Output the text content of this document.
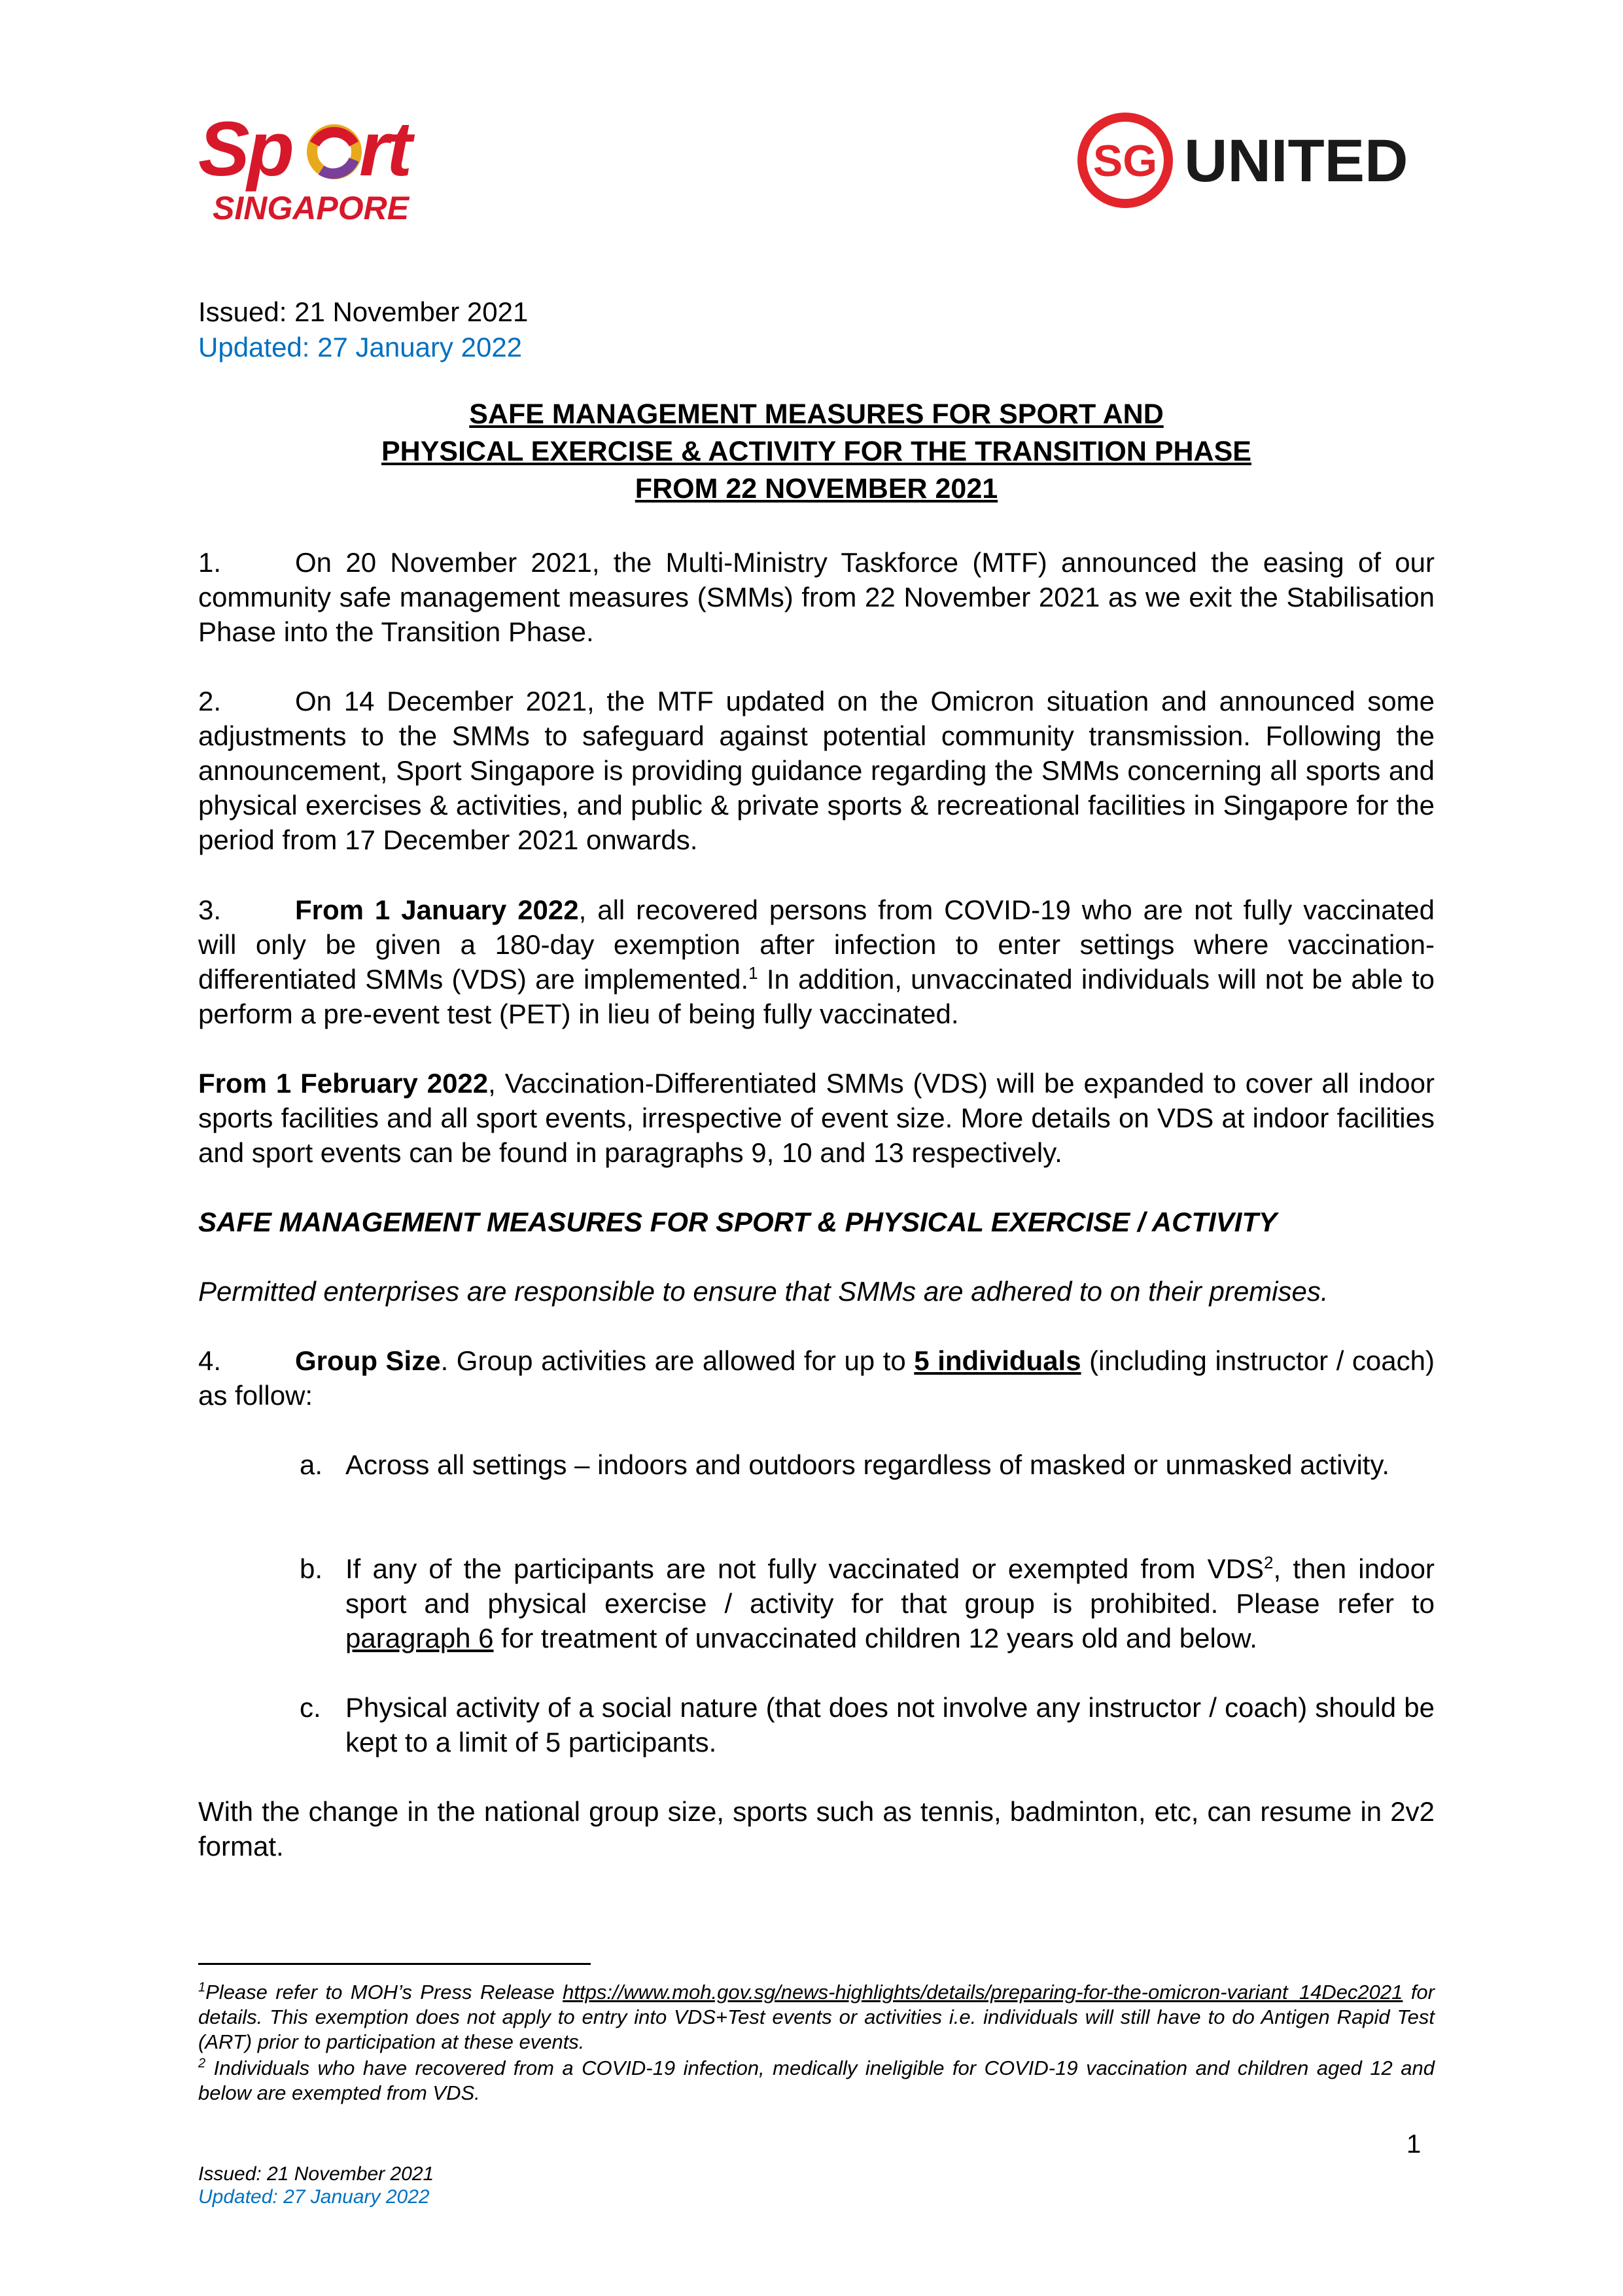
Sp rt
SINGAPORE
SG UNITED
Issued: 21 November 2021
Updated: 27 January 2022
SAFE MANAGEMENT MEASURES FOR SPORT AND
PHYSICAL EXERCISE & ACTIVITY FOR THE TRANSITION PHASE
FROM 22 NOVEMBER 2021
1.	On 20 November 2021, the Multi-Ministry Taskforce (MTF) announced the easing of our community safe management measures (SMMs) from 22 November 2021 as we exit the Stabilisation Phase into the Transition Phase.
2.	On 14 December 2021, the MTF updated on the Omicron situation and announced some adjustments to the SMMs to safeguard against potential community transmission. Following the announcement, Sport Singapore is providing guidance regarding the SMMs concerning all sports and physical exercises & activities, and public & private sports & recreational facilities in Singapore for the period from 17 December 2021 onwards.
3.	From 1 January 2022, all recovered persons from COVID-19 who are not fully vaccinated will only be given a 180-day exemption after infection to enter settings where vaccination-differentiated SMMs (VDS) are implemented.$^1$ In addition, unvaccinated individuals will not be able to perform a pre-event test (PET) in lieu of being fully vaccinated.
From 1 February 2022, Vaccination-Differentiated SMMs (VDS) will be expanded to cover all indoor sports facilities and all sport events, irrespective of event size. More details on VDS at indoor facilities and sport events can be found in paragraphs 9, 10 and 13 respectively.
SAFE MANAGEMENT MEASURES FOR SPORT & PHYSICAL EXERCISE / ACTIVITY
Permitted enterprises are responsible to ensure that SMMs are adhered to on their premises.
4.	Group Size. Group activities are allowed for up to 5 individuals (including instructor / coach) as follow:
a. Across all settings – indoors and outdoors regardless of masked or unmasked activity.
b. If any of the participants are not fully vaccinated or exempted from VDS$^2$, then indoor sport and physical exercise / activity for that group is prohibited. Please refer to paragraph 6 for treatment of unvaccinated children 12 years old and below.
c. Physical activity of a social nature (that does not involve any instructor / coach) should be kept to a limit of 5 participants.
With the change in the national group size, sports such as tennis, badminton, etc, can resume in 2v2 format.
$^1$Please refer to MOH’s Press Release https://www.moh.gov.sg/news-highlights/details/preparing-for-the-omicron-variant_14Dec2021 for details. This exemption does not apply to entry into VDS+Test events or activities i.e. individuals will still have to do Antigen Rapid Test (ART) prior to participation at these events.
$^2$ Individuals who have recovered from a COVID-19 infection, medically ineligible for COVID-19 vaccination and children aged 12 and below are exempted from VDS.
1
Issued: 21 November 2021
Updated: 27 January 2022
